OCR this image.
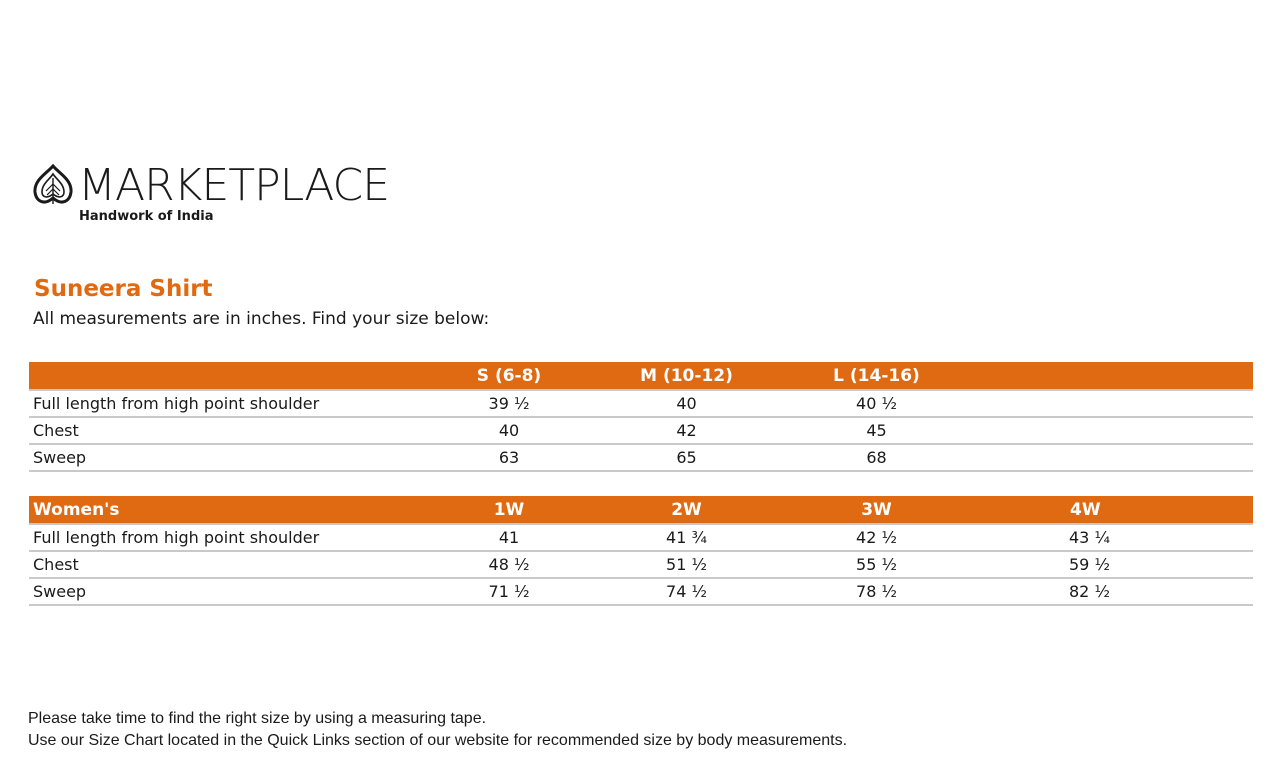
MARKETPLACE
Handwork of India
Suneera Shirt
All measurements are in inches. Find your size below:
	S (6-8)	M (10-12)	L (14-16)	
Full length from high point shoulder	39 ½	40	40 ½	
Chest	40	42	45	
Sweep	63	65	68	
Women's	1W	2W	3W	4W
Full length from high point shoulder	41	41 ¾	42 ½	43 ¼
Chest	48 ½	51 ½	55 ½	59 ½
Sweep	71 ½	74 ½	78 ½	82 ½
Please take time to find the right size by using a measuring tape.
Use our Size Chart located in the Quick Links section of our website for recommended size by body measurements.
